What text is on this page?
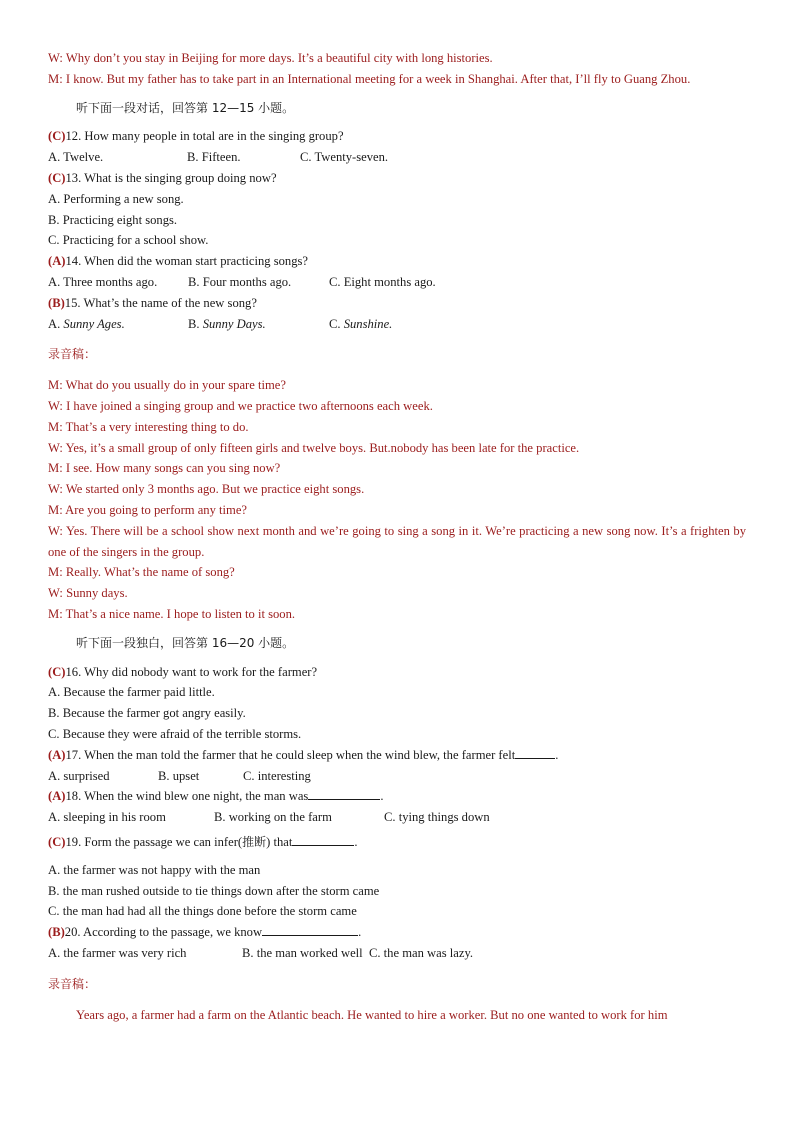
W: Why don’t you stay in Beijing for more days. It’s a beautiful city with long histories.
M: I know. But my father has to take part in an International meeting for a week in Shanghai. After that, I’ll fly to Guang Zhou.
听下面一段对话，回答第 12—15 小题。
(C)12. How many people in total are in the singing group?
A. Twelve.	B. Fifteen.	C. Twenty-seven.
(C)13. What is the singing group doing now?
A. Performing a new song.
B. Practicing eight songs.
C. Practicing for a school show.
(A)14. When did the woman start practicing songs?
A. Three months ago. B. Four months ago.	C. Eight months ago.
(B)15. What’s the name of the new song?
A. Sunny Ages.	B. Sunny Days.	C. Sunshine.
录音稿：
M: What do you usually do in your spare time?
W: I have joined a singing group and we practice two afternoons each week.
M: That’s a very interesting thing to do.
W: Yes, it’s a small group of only fifteen girls and twelve boys. But.nobody has been late for the practice.
M: I see. How many songs can you sing now?
W: We started only 3 months ago. But we practice eight songs.
M: Are you going to perform any time?
W: Yes. There will be a school show next month and we’re going to sing a song in it. We’re practicing a new song now. It’s a frighten by one of the singers in the group.
M: Really. What’s the name of song?
W: Sunny days.
M: That’s a nice name. I hope to listen to it soon.
听下面一段独白，回答第 16—20 小题。
(C)16. Why did nobody want to work for the farmer?
A. Because the farmer paid little.
B. Because the farmer got angry easily.
C. Because they were afraid of the terrible storms.
(A)17. When the man told the farmer that he could sleep when the wind blew, the farmer felt	.
A. surprised	B. upset	C. interesting
(A)18. When the wind blew one night, the man was	.
A. sleeping in his room	B. working on the farm	C. tying things down
(C)19. Form the passage we can infer(推断) that	.
A. the farmer was not happy with the man
B. the man rushed outside to tie things down after the storm came
C. the man had had all the things done before the storm came
(B)20. According to the passage, we know	.
A. the farmer was very rich	B. the man worked well C. the man was lazy.
录音稿：
Years ago, a farmer had a farm on the Atlantic beach. He wanted to hire a worker. But no one wanted to work for him
